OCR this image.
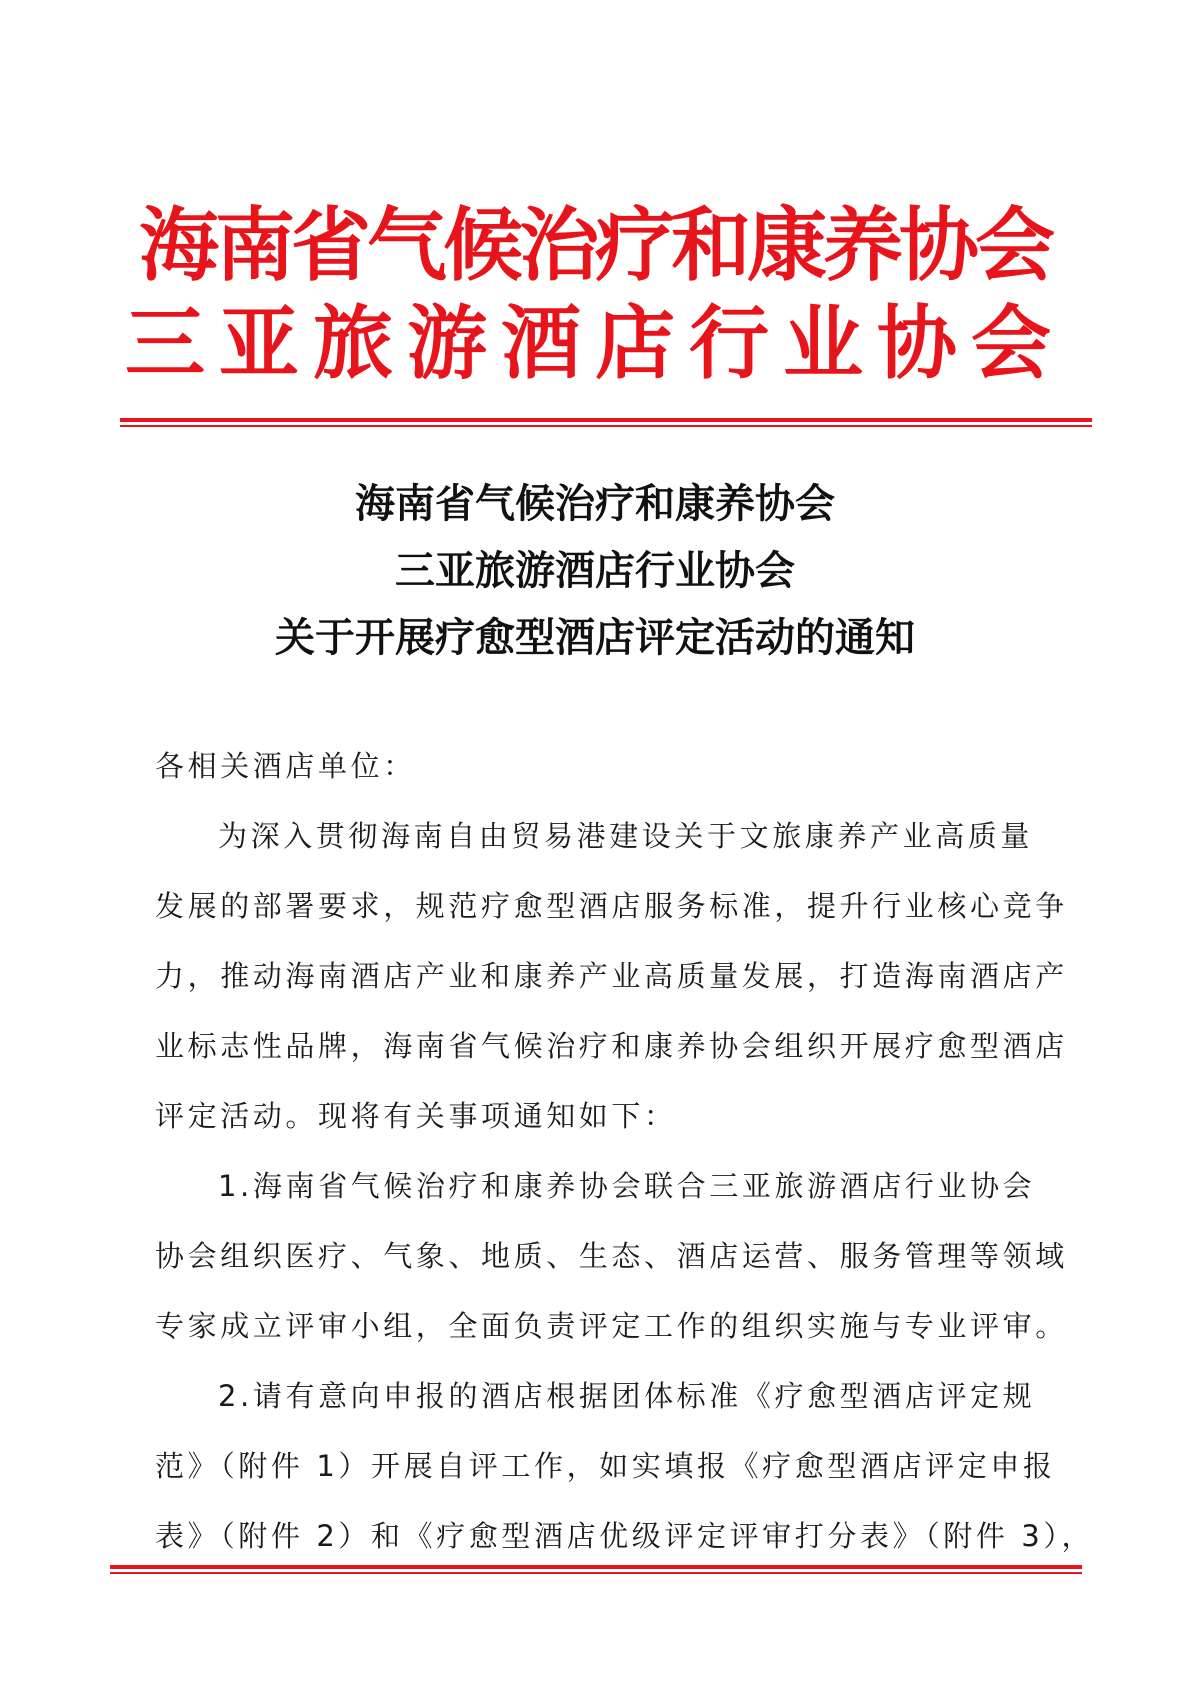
海南省气候治疗和康养协会
三亚旅游酒店行业协会
海南省气候治疗和康养协会
三亚旅游酒店行业协会
关于开展疗愈型酒店评定活动的通知
各相关酒店单位：
为深入贯彻海南自由贸易港建设关于文旅康养产业高质量
发展的部署要求，规范疗愈型酒店服务标准，提升行业核心竞争
力，推动海南酒店产业和康养产业高质量发展，打造海南酒店产
业标志性品牌，海南省气候治疗和康养协会组织开展疗愈型酒店
评定活动。现将有关事项通知如下：
1.海南省气候治疗和康养协会联合三亚旅游酒店行业协会
协会组织医疗、气象、地质、生态、酒店运营、服务管理等领域
专家成立评审小组，全面负责评定工作的组织实施与专业评审。
2.请有意向申报的酒店根据团体标准《疗愈型酒店评定规
范》（附件 1）开展自评工作，如实填报《疗愈型酒店评定申报
表》（附件 2）和《疗愈型酒店优级评定评审打分表》（附件 3），
